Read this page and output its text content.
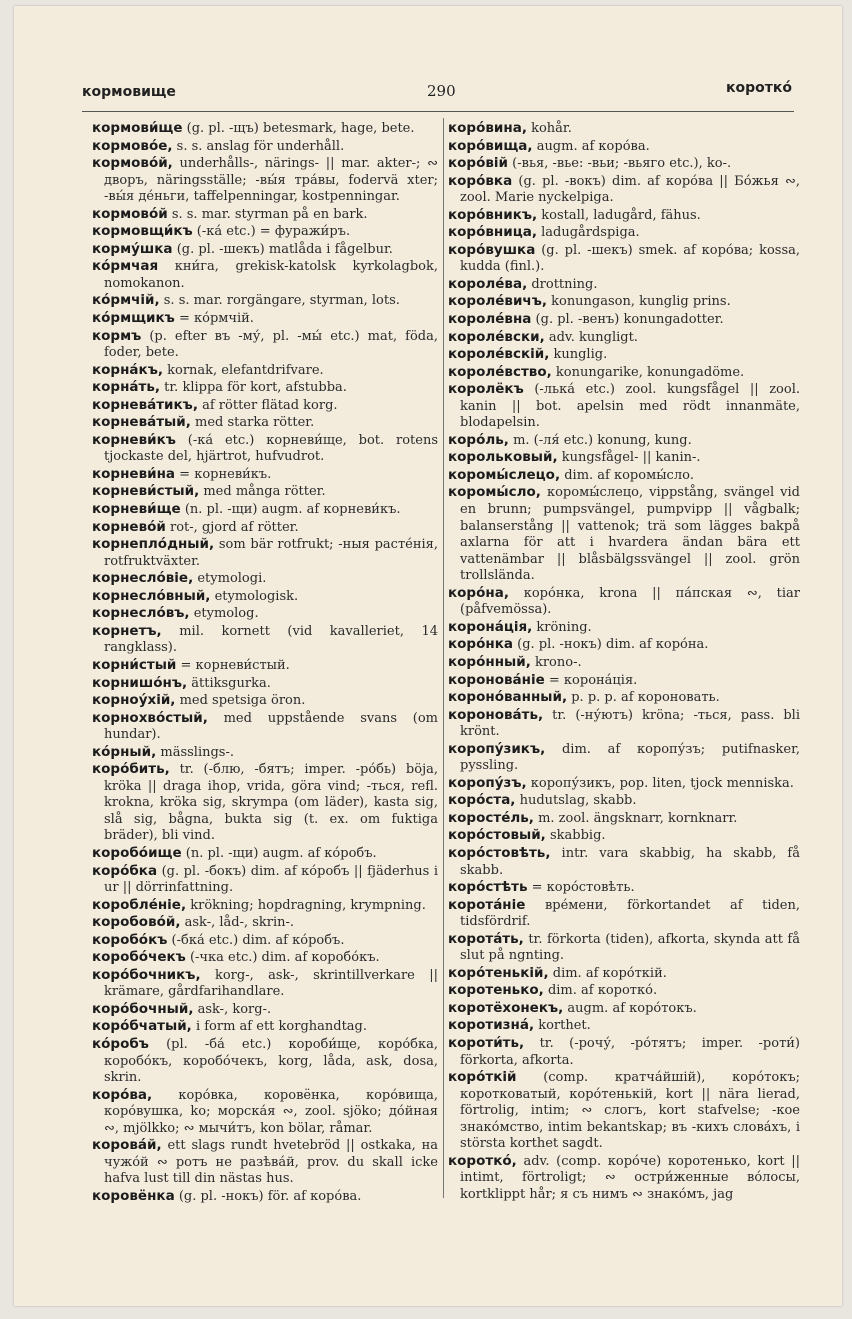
кормовище	290	коротко́
кормови́ще (g. pl. -щъ) betesmark, hage, bete.
кормово́е, s. s. anslag för underhåll.
кормово́й, underhålls-, närings- || mar. akter-; ∾ дворъ, näringsställe; -вы́я тра́вы, fodervä xter; -вы́я де́ньги, taffelpenningar, kostpenningar.
кормово́й s. s. mar. styrman på en bark.
кормовщи́къ (-ка́ etc.) = фуражи́ръ.
корму́шка (g. pl. -шекъ) matlåda i fågelbur.
ко́рмчая кни́га, grekisk-katolsk kyrkolagbok, nomokanon.
ко́рмчій, s. s. mar. rorgängare, styrman, lots.
ко́рмщикъ = ко́рмчій.
кормъ (p. efter въ -му́, pl. -мы́ etc.) mat, föda, foder, bete.
корна́къ, kornak, elefantdrifvare.
корна́ть, tr. klippa för kort, afstubba.
корнева́тикъ, af rötter flätad korg.
корнева́тый, med starka rötter.
корневи́къ (-ка́ etc.) корневи́ще, bot. rotens tjockaste del, hjärtrot, hufvudrot.
корневи́на = корневи́къ.
корневи́стый, med många rötter.
корневи́ще (n. pl. -щи) augm. af корневи́къ.
корнево́й rot-, gjord af rötter.
корнепло́дный, som bär rotfrukt; -ныя расте́нія, rotfruktväxter.
корнесло́віе, etymologi.
корнесло́вный, etymologisk.
корнесло́въ, etymolog.
корнетъ, mil. kornett (vid kavalleriet, 14 rangklass).
корни́стый = корневи́стый.
корнишо́нъ, ättiksgurka.
корноу́хій, med spetsiga öron.
корнохво́стый, med uppstående svans (om hundar).
ко́рный, mässlings-.
коро́бить, tr. (-блю, -бятъ; imper. -ро́бь) böja, kröka || draga ihop, vrida, göra vind; -ться, refl. krokna, kröka sig, skrympa (om läder), kasta sig, slå sig, bågna, bukta sig (t. ex. om fuktiga bräder), bli vind.
коробо́ище (n. pl. -щи) augm. af ко́робъ.
коро́бка (g. pl. -бокъ) dim. af ко́робъ || fjäderhus i ur || dörrinfattning.
коробле́ніе, krökning; hopdragning, krympning.
коробово́й, ask-, låd-, skrin-.
коробо́къ (-бка́ etc.) dim. af ко́робъ.
коробо́чекъ (-чка etc.) dim. af коробо́къ.
коро́бочникъ, korg-, ask-, skrintillverkare || krämare, gårdfarihandlare.
коро́бочный, ask-, korg-.
коро́бчатый, i form af ett korghandtag.
ко́робъ (pl. -ба́ etc.) короби́ще, коро́бка, коробо́къ, коробо́чекъ, korg, låda, ask, dosa, skrin.
коро́ва, коро́вка, коровёнка, коро́вища, коро́вушка, ko; морска́я ∾, zool. sjöko; до́йная ∾, mjölkko; ∾ мычи́тъ, kon bölar, råmar.
корова́й, ett slags rundt hvetebröd || ostkaka, на чужо́й ∾ ротъ не разѣва́й, prov. du skall icke hafva lust till din nästas hus.
коровёнка (g. pl. -нокъ) för. af коро́ва.
коро́вина, kohår.
коро́вища, augm. af коро́ва.
коро́вій (-вья, -вье: -вьи; -вьяго etc.), ko-.
коро́вка (g. pl. -вокъ) dim. af коро́ва || Бо́жья ∾, zool. Marie nyckelpiga.
коро́вникъ, kostall, ladugård, fähus.
коро́вница, ladugårdspiga.
коро́вушка (g. pl. -шекъ) smek. af коро́ва; kossa, kudda (finl.).
короле́ва, drottning.
короле́вичъ, konungason, kunglig prins.
короле́вна (g. pl. -венъ) konungadotter.
короле́вски, adv. kungligt.
короле́вскій, kunglig.
короле́вство, konungarike, konungadöme.
королёкъ (-лька́ etc.) zool. kungsfågel || zool. kanin || bot. apelsin med rödt innanmäte, blodapelsin.
коро́ль, m. (-ля́ etc.) konung, kung.
корольковый, kungsfågel- || kanin-.
коромы́слецо, dim. af коромы́сло.
коромы́сло, коромы́слецо, vippstång, svängel vid en brunn; pumpsvängel, pumpvipp || vågbalk; balanserstång || vattenok; trä som lägges bakpå axlarna för att i hvardera ändan bära ett vattenämbar || blåsbälgssvängel || zool. grön trollslända.
коро́на, коро́нка, krona || па́пская ∾, tiar (påfvemössa).
корона́ція, kröning.
коро́нка (g. pl. -нокъ) dim. af коро́на.
коро́нный, krono-.
коронова́ніе = корона́ція.
корoно́ванный, p. p. p. af короновать.
коронова́ть, tr. (-ну́ютъ) kröna; -ться, pass. bli krönt.
коропу́зикъ, dim. af коропу́зъ; putifnasker, pyssling.
коропу́зъ, коропу́зикъ, pop. liten, tjock menniska.
коро́ста, hudutslag, skabb.
коросте́ль, m. zool. ängsknarr, kornknarr.
коро́стовый, skabbig.
коро́стовѣть, intr. vara skabbig, ha skabb, få skabb.
коро́стѣть = коро́стовѣть.
корота́ніе вре́мени, förkortandet af tiden, tidsfördrif.
корота́ть, tr. förkorta (tiden), afkorta, skynda att få slut på ngnting.
коро́тенькій, dim. af коро́ткій.
коротенько, dim. af коротко́.
коротёхонекъ, augm. af коро́токъ.
коротизна́, korthet.
короти́ть, tr. (-рочу́, -ро́тятъ; imper. -роти́) förkorta, afkorta.
коро́ткій (comp. кратча́йшій), коро́токъ; коротковатый, коро́тенькій, kort || nära lierad, förtrolig, intim; ∾ слогъ, kort stafvelse; -кое знако́мство, intim bekantskap; въ -кихъ слова́хъ, i största korthet sagdt.
коротко́, adv. (comp. коро́че) коротенько, kort || intimt, förtroligt; ∾ остри́женные во́лосы, kortklippt hår; я съ нимъ ∾ знако́мъ, jag
